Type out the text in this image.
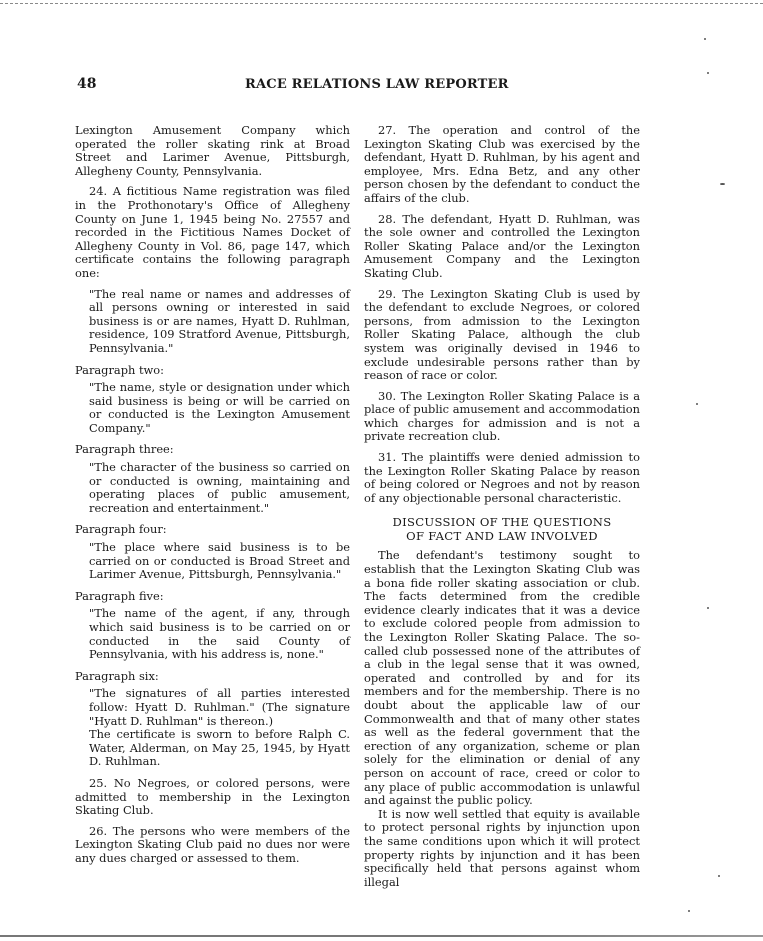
48	RACE RELATIONS LAW REPORTER

Lexington Amusement Company which operated the roller skating rink at Broad Street and Larimer Avenue, Pittsburgh, Allegheny County, Pennsylvania.

24. A fictitious Name registration was filed in the Prothonotary's Office of Allegheny County on June 1, 1945 being No. 27557 and recorded in the Fictitious Names Docket of Allegheny County in Vol. 86, page 147, which certificate contains the following paragraph one:

"The real name or names and addresses of all persons owning or interested in said business is or are names, Hyatt D. Ruhlman, residence, 109 Stratford Avenue, Pittsburgh, Pennsylvania."

Paragraph two:

"The name, style or designation under which said business is being or will be carried on or conducted is the Lexington Amusement Company."

Paragraph three:

"The character of the business so carried on or conducted is owning, maintaining and operating places of public amusement, recreation and entertainment."

Paragraph four:

"The place where said business is to be carried on or conducted is Broad Street and Larimer Avenue, Pittsburgh, Pennsylvania."

Paragraph five:

"The name of the agent, if any, through which said business is to be carried on or conducted in the said County of Pennsylvania, with his address is, none."

Paragraph six:

"The signatures of all parties interested follow: Hyatt D. Ruhlman." (The signature "Hyatt D. Ruhlman" is thereon.)

The certificate is sworn to before Ralph C. Water, Alderman, on May 25, 1945, by Hyatt D. Ruhlman.

25. No Negroes, or colored persons, were admitted to membership in the Lexington Skating Club.

26. The persons who were members of the Lexington Skating Club paid no dues nor were any dues charged or assessed to them.

27. The operation and control of the Lexington Skating Club was exercised by the defendant, Hyatt D. Ruhlman, by his agent and employee, Mrs. Edna Betz, and any other person chosen by the defendant to conduct the affairs of the club.

28. The defendant, Hyatt D. Ruhlman, was the sole owner and controlled the Lexington Roller Skating Palace and/or the Lexington Amusement Company and the Lexington Skating Club.

29. The Lexington Skating Club is used by the defendant to exclude Negroes, or colored persons, from admission to the Lexington Roller Skating Palace, although the club system was originally devised in 1946 to exclude undesirable persons rather than by reason of race or color.

30. The Lexington Roller Skating Palace is a place of public amusement and accommodation which charges for admission and is not a private recreation club.

31. The plaintiffs were denied admission to the Lexington Roller Skating Palace by reason of being colored or Negroes and not by reason of any objectionable personal characteristic.

DISCUSSION OF THE QUESTIONS
OF FACT AND LAW INVOLVED

The defendant's testimony sought to establish that the Lexington Skating Club was a bona fide roller skating association or club. The facts determined from the credible evidence clearly indicates that it was a device to exclude colored people from admission to the Lexington Roller Skating Palace. The so-called club possessed none of the attributes of a club in the legal sense that it was owned, operated and controlled by and for its members and for the membership. There is no doubt about the applicable law of our Commonwealth and that of many other states as well as the federal government that the erection of any organization, scheme or plan solely for the elimination or denial of any person on account of race, creed or color to any place of public accommodation is unlawful and against the public policy.

It is now well settled that equity is available to protect personal rights by injunction upon the same conditions upon which it will protect property rights by injunction and it has been specifically held that persons against whom illegal
